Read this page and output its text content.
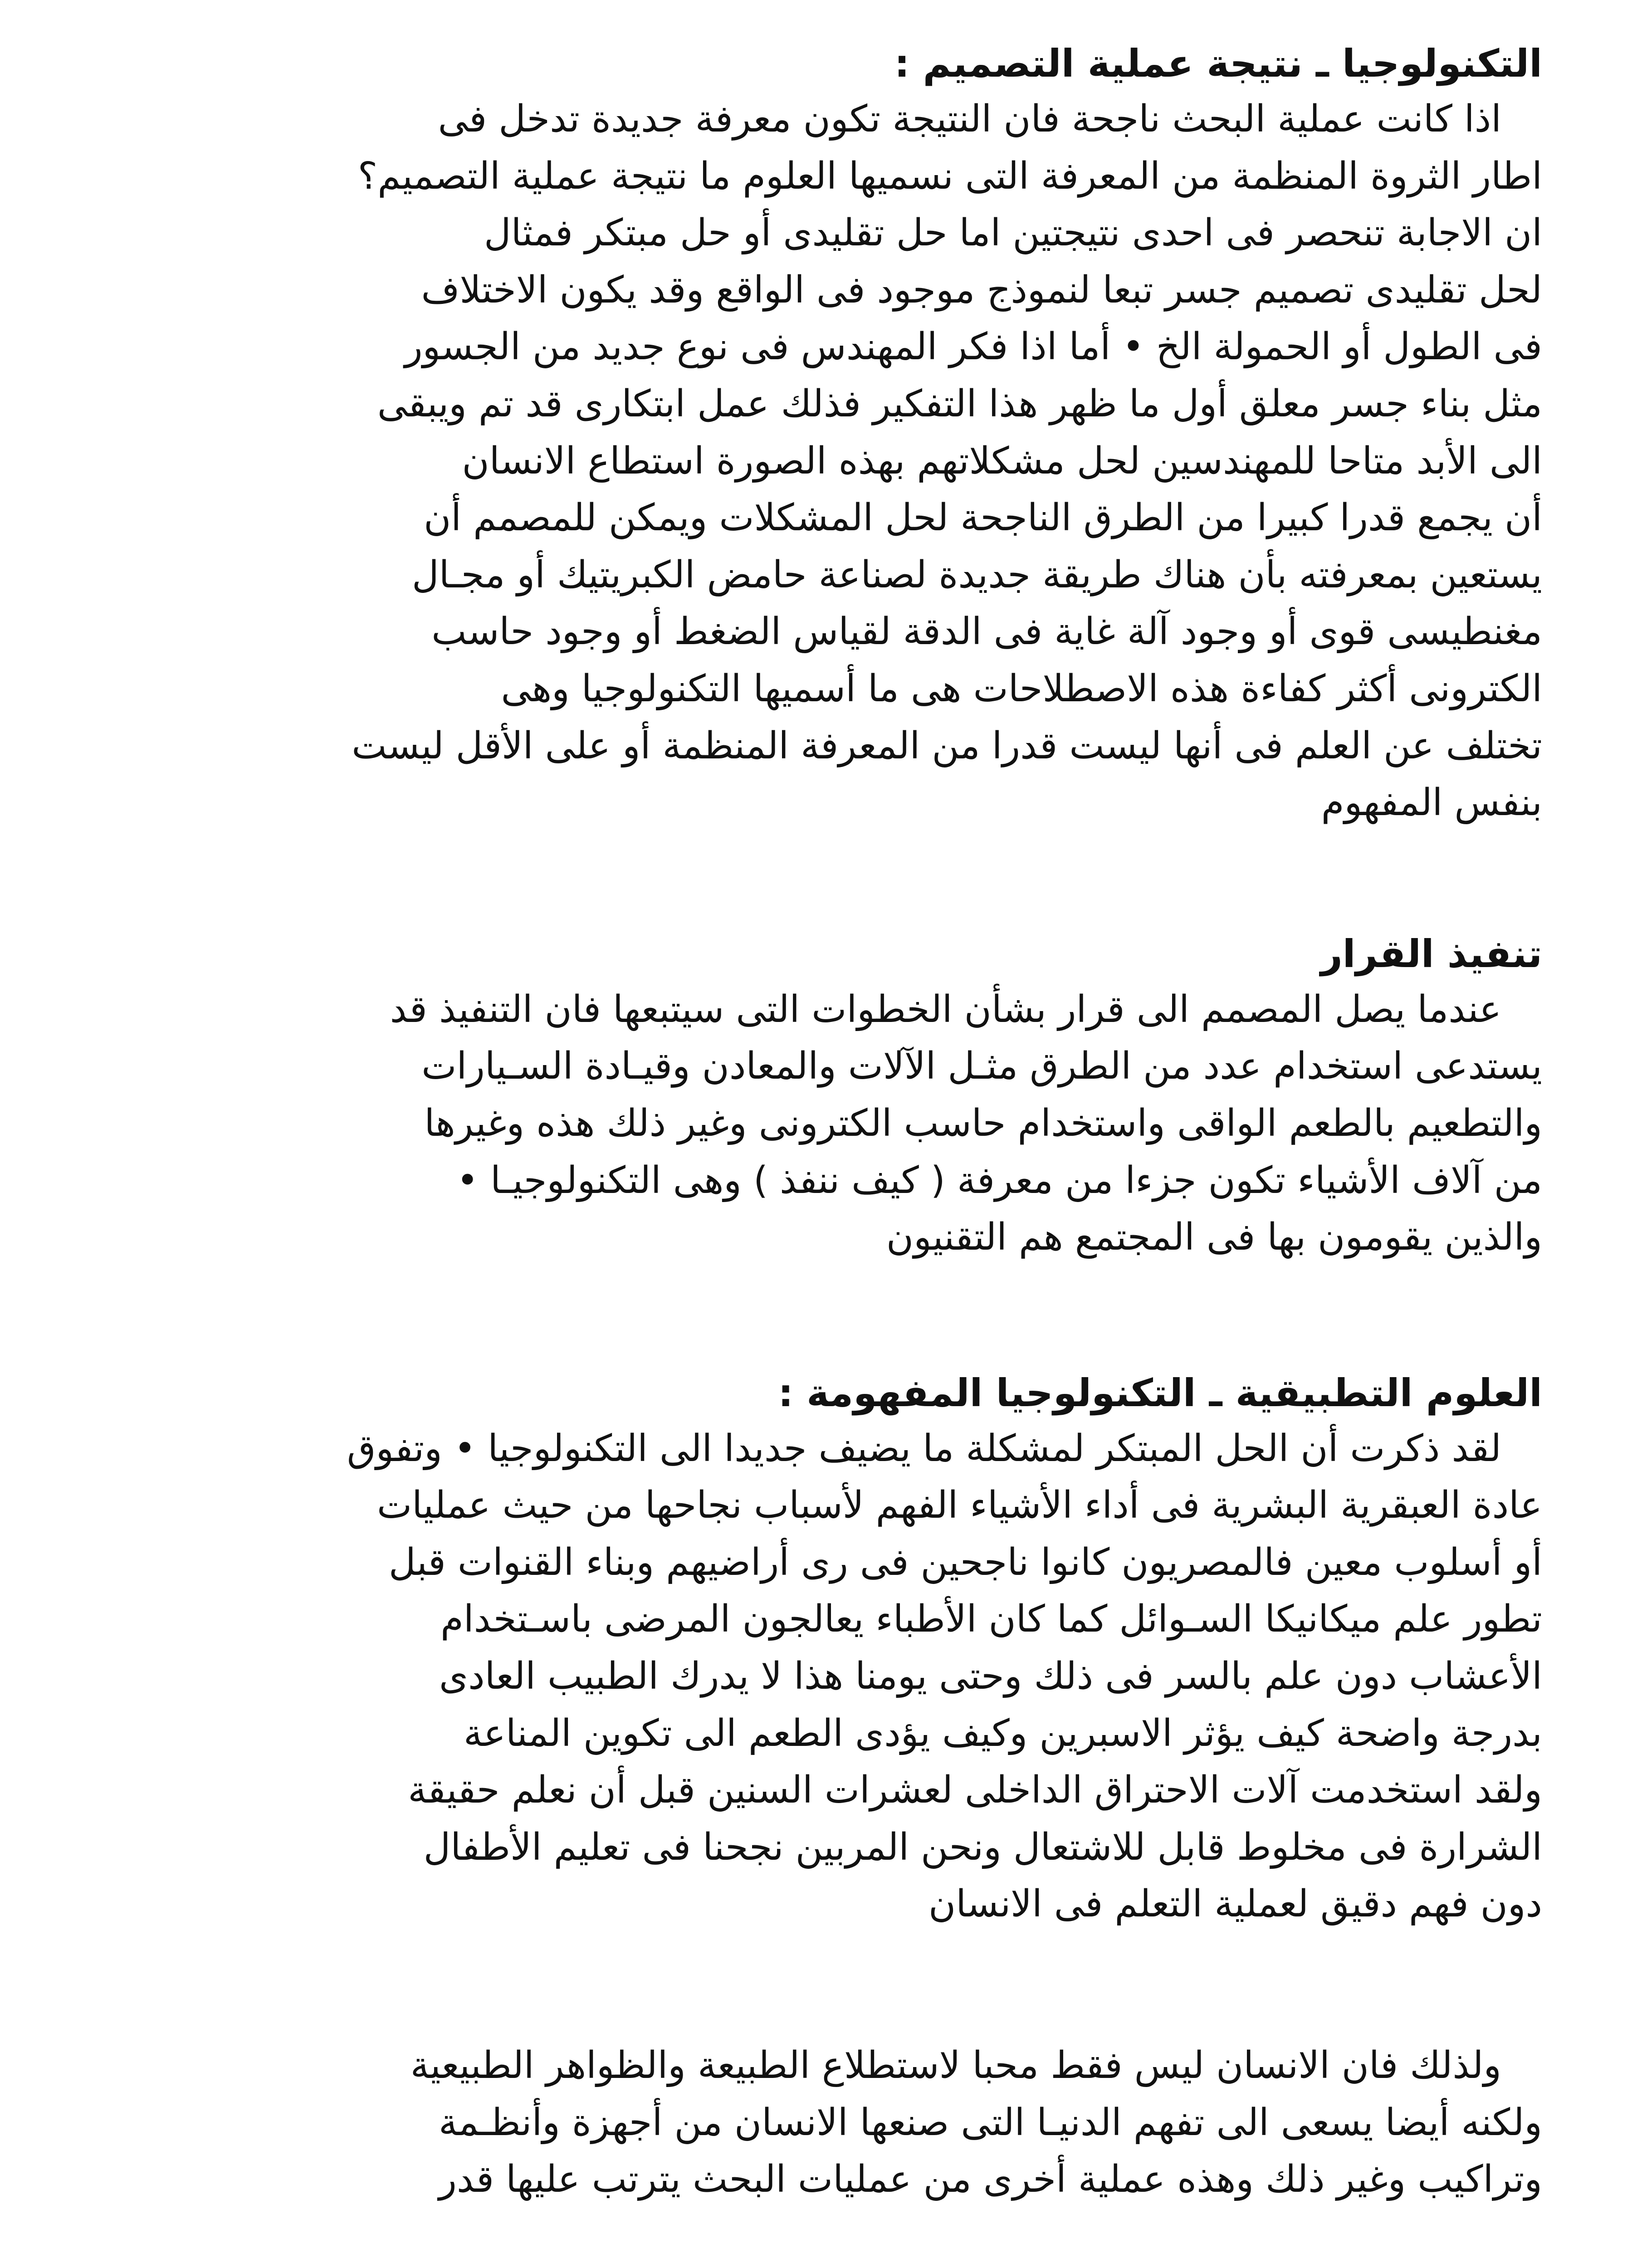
التكنولوجيا ـ نتيجة عملية التصميم :
اذا كانت عملية البحث ناجحة فان النتيجة تكون معرفة جديدة تدخل فى
اطار الثروة المنظمة من المعرفة التى نسميها العلوم ما نتيجة عملية التصميم؟
ان الاجابة تنحصر فى احدى نتيجتين اما حل تقليدى أو حل مبتكر فمثال
لحل تقليدى تصميم جسر تبعا لنموذج موجود فى الواقع وقد يكون الاختلاف
فى الطول أو الحمولة الخ • أما اذا فكر المهندس فى نوع جديد من الجسور
مثل بناء جسر معلق أول ما ظهر هذا التفكير فذلك عمل ابتكارى قد تم ويبقى
الى الأبد متاحا للمهندسين لحل مشكلاتهم بهذه الصورة استطاع الانسان
أن يجمع قدرا كبيرا من الطرق الناجحة لحل المشكلات ويمكن للمصمم أن
يستعين بمعرفته بأن هناك طريقة جديدة لصناعة حامض الكبريتيك أو مجـال
مغنطيسى قوى أو وجود آلة غاية فى الدقة لقياس الضغط أو وجود حاسب
الكترونى أكثر كفاءة هذه الاصطلاحات هى ما أسميها التكنولوجيا وهى
تختلف عن العلم فى أنها ليست قدرا من المعرفة المنظمة أو على الأقل ليست
بنفس المفهوم
تنفيذ القرار
عندما يصل المصمم الى قرار بشأن الخطوات التى سيتبعها فان التنفيذ قد
يستدعى استخدام عدد من الطرق مثـل الآلات والمعادن وقيـادة السـيارات
والتطعيم بالطعم الواقى واستخدام حاسب الكترونى وغير ذلك هذه وغيرها
من آلاف الأشياء تكون جزءا من معرفة ( كيف ننفذ ) وهى التكنولوجيـا •
والذين يقومون بها فى المجتمع هم التقنيون
العلوم التطبيقية ـ التكنولوجيا المفهومة :
لقد ذكرت أن الحل المبتكر لمشكلة ما يضيف جديدا الى التكنولوجيا • وتفوق
عادة العبقرية البشرية فى أداء الأشياء الفهم لأسباب نجاحها من حيث عمليات
أو أسلوب معين فالمصريون كانوا ناجحين فى رى أراضيهم وبناء القنوات قبل
تطور علم ميكانيكا السـوائل كما كان الأطباء يعالجون المرضى باسـتخدام
الأعشاب دون علم بالسر فى ذلك وحتى يومنا هذا لا يدرك الطبيب العادى
بدرجة واضحة كيف يؤثر الاسبرين وكيف يؤدى الطعم الى تكوين المناعة
ولقد استخدمت آلات الاحتراق الداخلى لعشرات السنين قبل أن نعلم حقيقة
الشرارة فى مخلوط قابل للاشتعال ونحن المربين نجحنا فى تعليم الأطفال
دون فهم دقيق لعملية التعلم فى الانسان
ولذلك فان الانسان ليس فقط محبا لاستطلاع الطبيعة والظواهر الطبيعية
ولكنه أيضا يسعى الى تفهم الدنيـا التى صنعها الانسان من أجهزة وأنظـمة
وتراكيب وغير ذلك وهذه عملية أخرى من عمليات البحث يترتب عليها قدر
